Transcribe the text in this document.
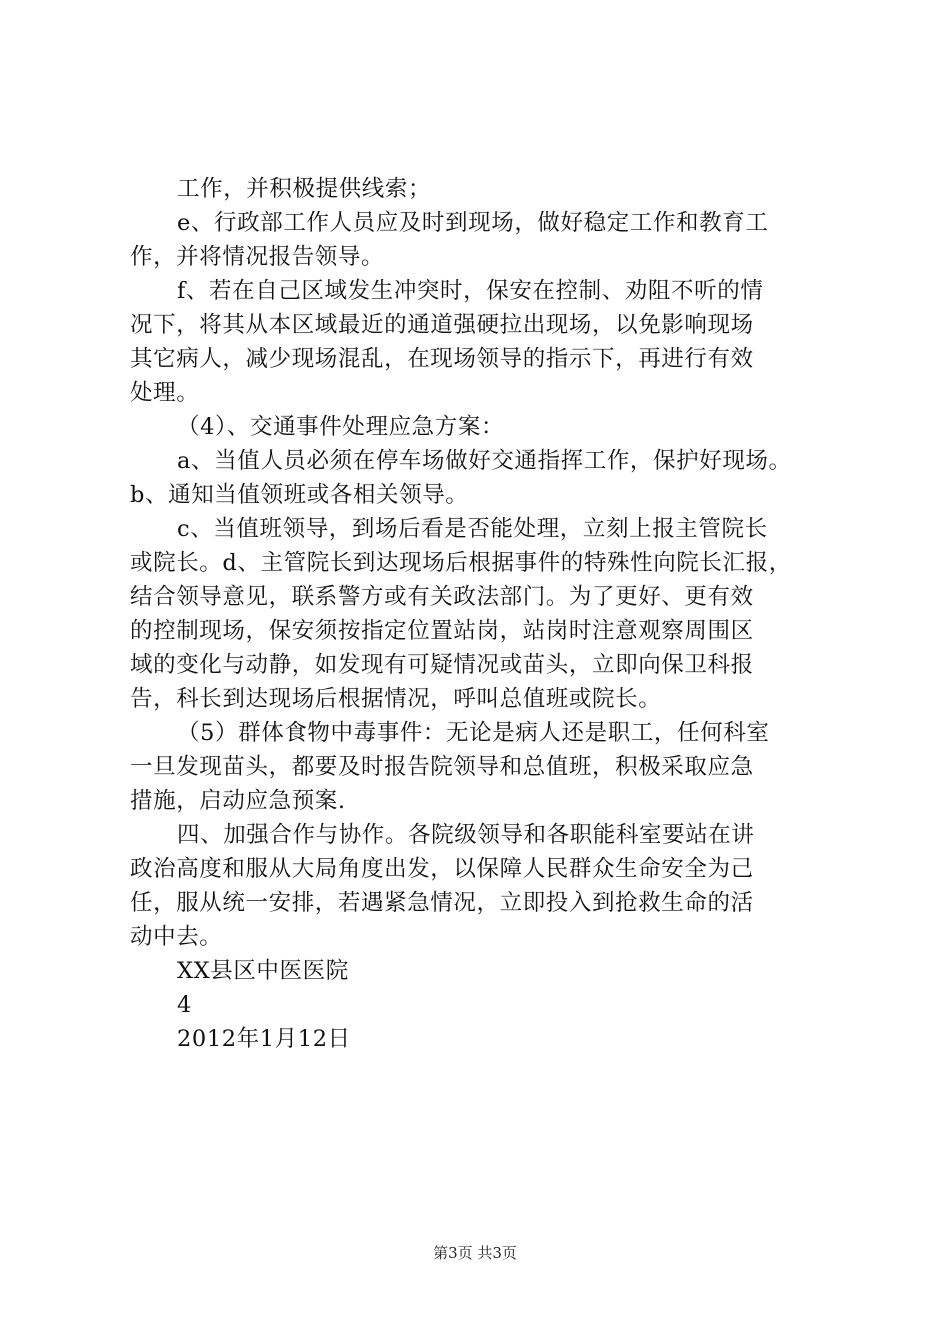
工作，并积极提供线索；
e、行政部工作人员应及时到现场，做好稳定工作和教育工
作，并将情况报告领导。
f、若在自己区域发生冲突时，保安在控制、劝阻不听的情
况下，将其从本区域最近的通道强硬拉出现场，以免影响现场
其它病人，减少现场混乱，在现场领导的指示下，再进行有效
处理。
（4）、交通事件处理应急方案：
a、当值人员必须在停车场做好交通指挥工作，保护好现场。
b、通知当值领班或各相关领导。
c、当值班领导，到场后看是否能处理，立刻上报主管院长
或院长。d、主管院长到达现场后根据事件的特殊性向院长汇报，
结合领导意见，联系警方或有关政法部门。为了更好、更有效
的控制现场，保安须按指定位置站岗，站岗时注意观察周围区
域的变化与动静，如发现有可疑情况或苗头，立即向保卫科报
告，科长到达现场后根据情况，呼叫总值班或院长。
（5）群体食物中毒事件：无论是病人还是职工，任何科室
一旦发现苗头，都要及时报告院领导和总值班，积极采取应急
措施，启动应急预案.
四、加强合作与协作。各院级领导和各职能科室要站在讲
政治高度和服从大局角度出发，以保障人民群众生命安全为己
任，服从统一安排，若遇紧急情况，立即投入到抢救生命的活
动中去。
XX县区中医医院
4
2012年1月12日
第3页 共3页
